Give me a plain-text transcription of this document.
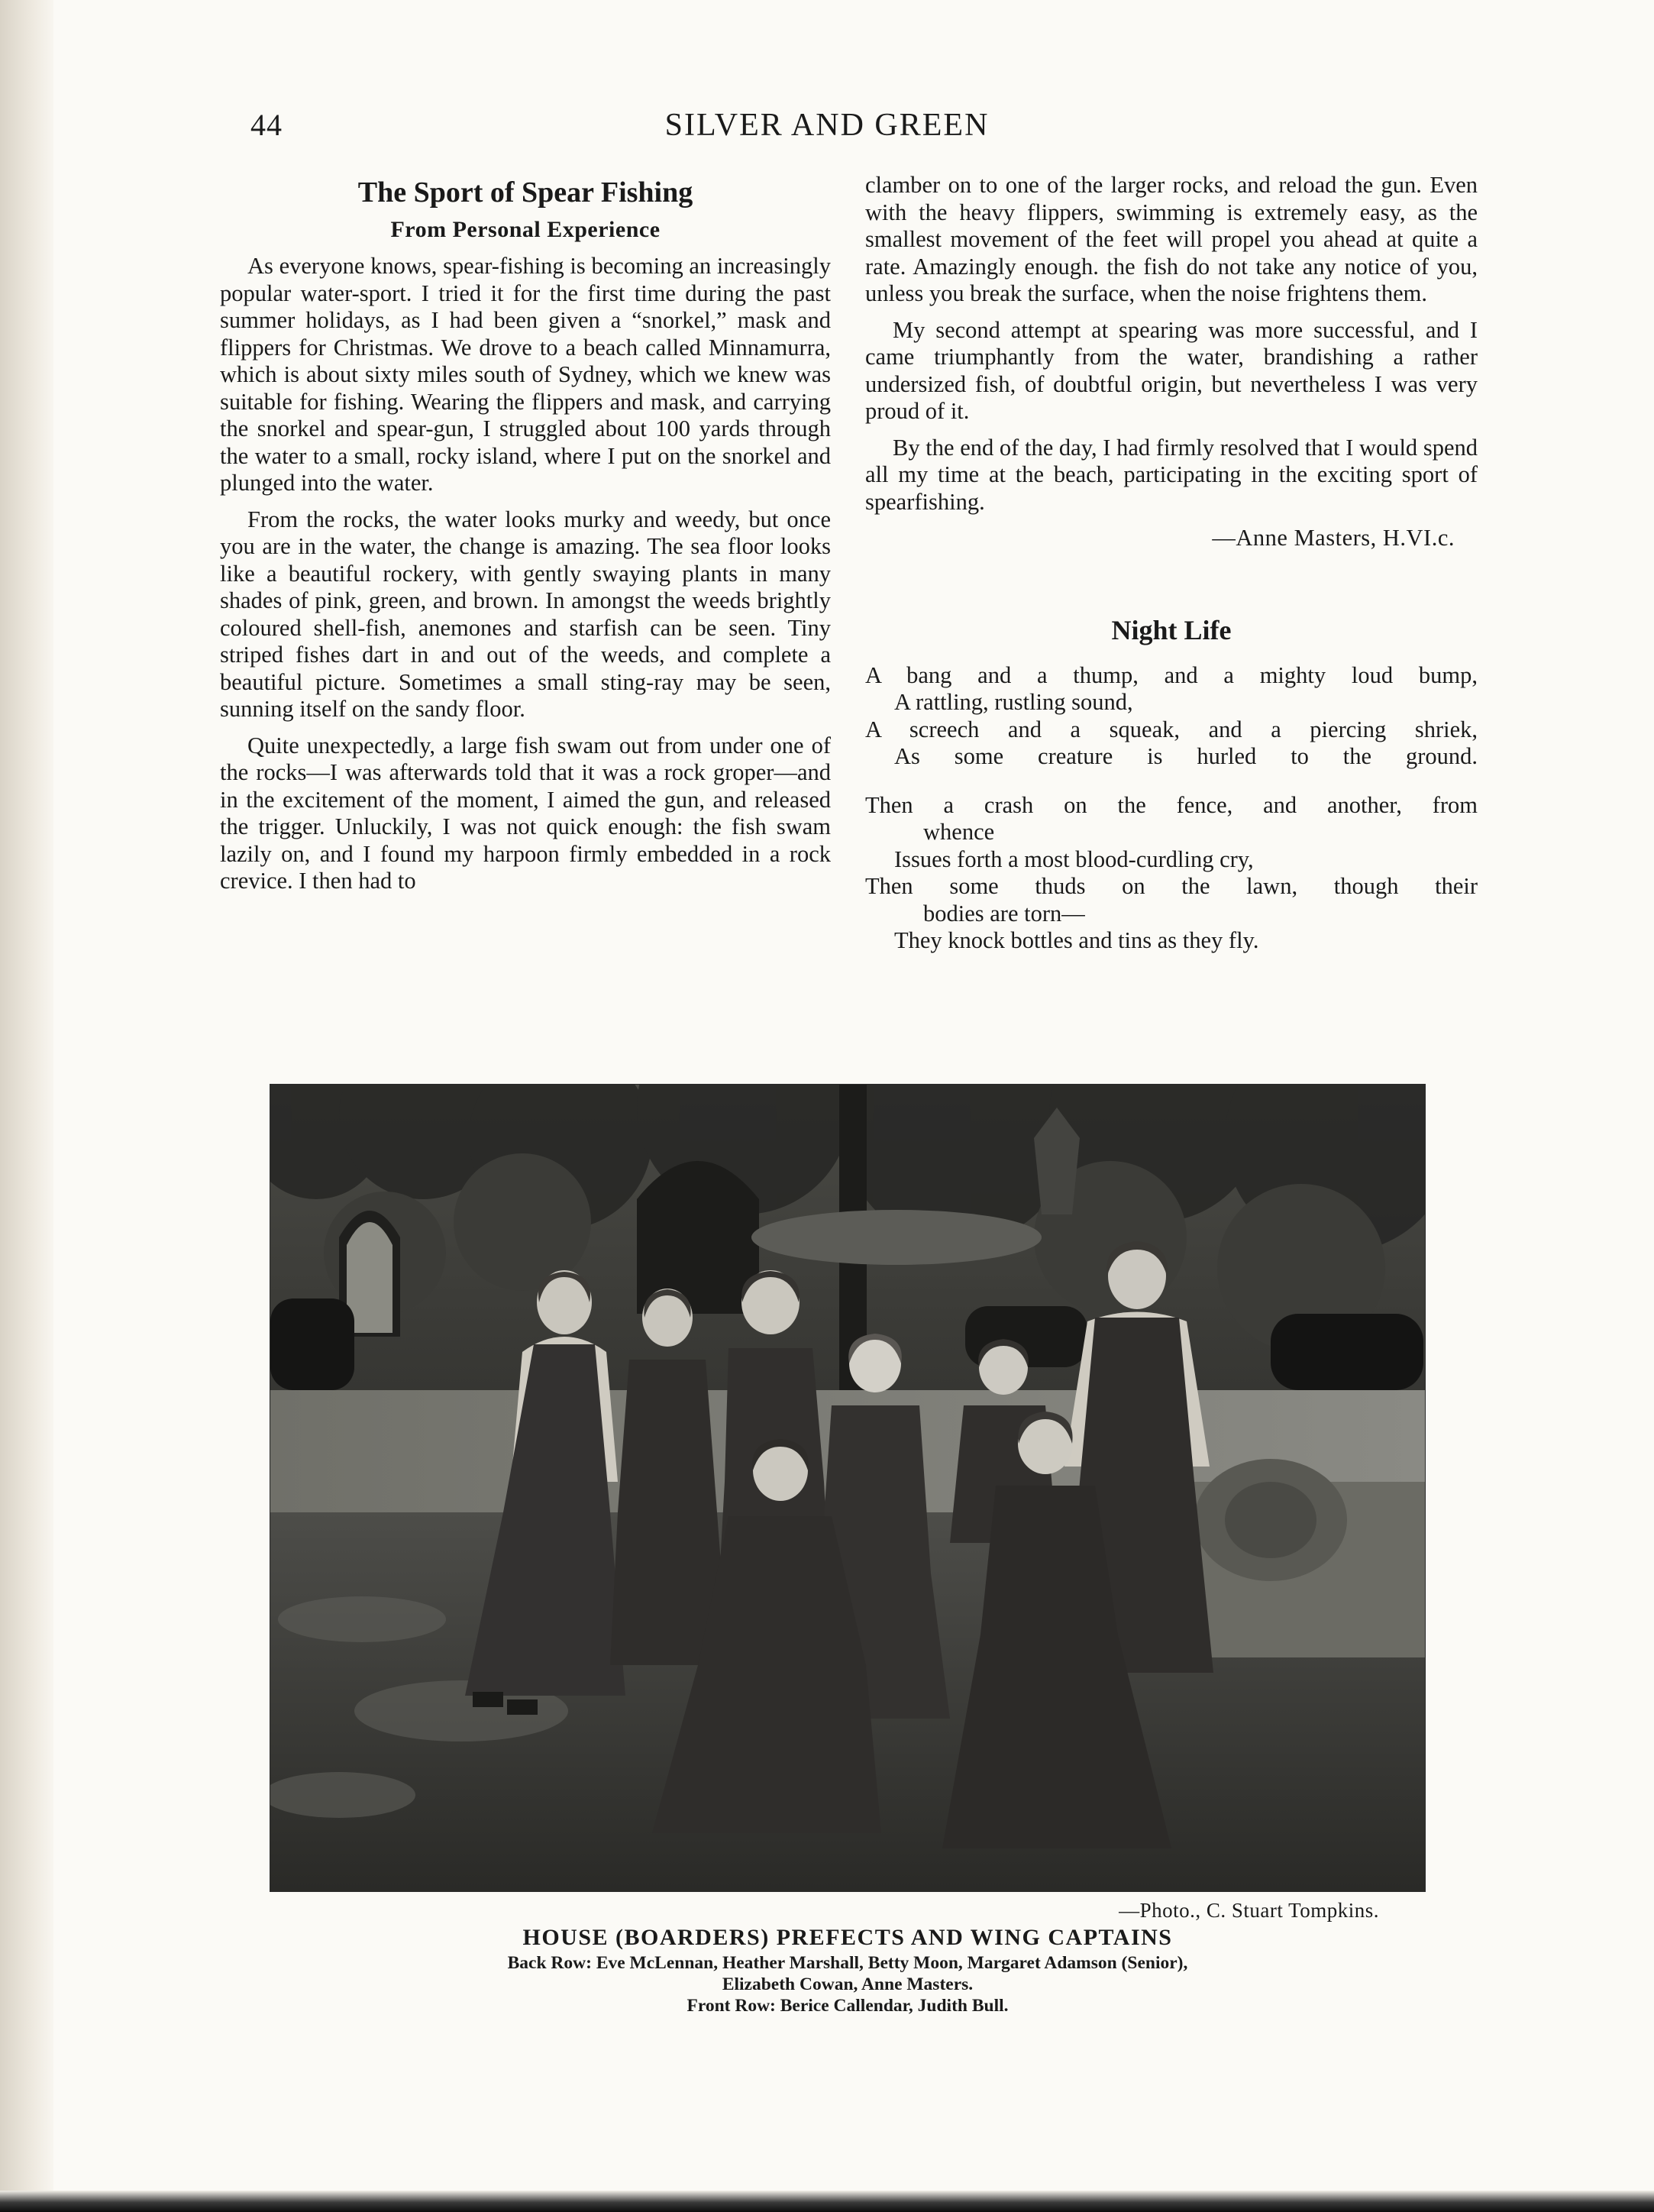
44	SILVER AND GREEN
The Sport of Spear Fishing
From Personal Experience

As everyone knows, spear-fishing is becoming an increasingly popular water-sport. I tried it for the first time during the past summer holidays, as I had been given a “snorkel,” mask and flippers for Christmas. We drove to a beach called Minnamurra, which is about sixty miles south of Sydney, which we knew was suitable for fishing. Wearing the flippers and mask, and carrying the snorkel and spear-gun, I struggled about 100 yards through the water to a small, rocky island, where I put on the snorkel and plunged into the water.

From the rocks, the water looks murky and weedy, but once you are in the water, the change is amazing. The sea floor looks like a beautiful rockery, with gently swaying plants in many shades of pink, green, and brown. In amongst the weeds brightly coloured shell-fish, anemones and starfish can be seen. Tiny striped fishes dart in and out of the weeds, and complete a beautiful picture. Sometimes a small sting-ray may be seen, sunning itself on the sandy floor.

Quite unexpectedly, a large fish swam out from under one of the rocks—I was afterwards told that it was a rock groper—and in the excitement of the moment, I aimed the gun, and released the trigger. Unluckily, I was not quick enough: the fish swam lazily on, and I found my harpoon firmly embedded in a rock crevice. I then had to

clamber on to one of the larger rocks, and reload the gun. Even with the heavy flippers, swimming is extremely easy, as the smallest movement of the feet will propel you ahead at quite a rate. Amazingly enough. the fish do not take any notice of you, unless you break the surface, when the noise frightens them.

My second attempt at spearing was more successful, and I came triumphantly from the water, brandishing a rather undersized fish, of doubtful origin, but nevertheless I was very proud of it.

By the end of the day, I had firmly resolved that I would spend all my time at the beach, participating in the exciting sport of spearfishing.

—Anne Masters, H.VI.c.
Night Life
A bang and a thump, and a mighty loud bump,
A rattling, rustling sound,
A screech and a squeak, and a piercing shriek,
As some creature is hurled to the ground.
Then a crash on the fence, and another, from
whence
Issues forth a most blood-curdling cry,
Then some thuds on the lawn, though their
bodies are torn—
They knock bottles and tins as they fly.
—Photo., C. Stuart Tompkins.
HOUSE (BOARDERS) PREFECTS AND WING CAPTAINS
Back Row: Eve McLennan, Heather Marshall, Betty Moon, Margaret Adamson (Senior),
Elizabeth Cowan, Anne Masters.
Front Row: Berice Callendar, Judith Bull.
